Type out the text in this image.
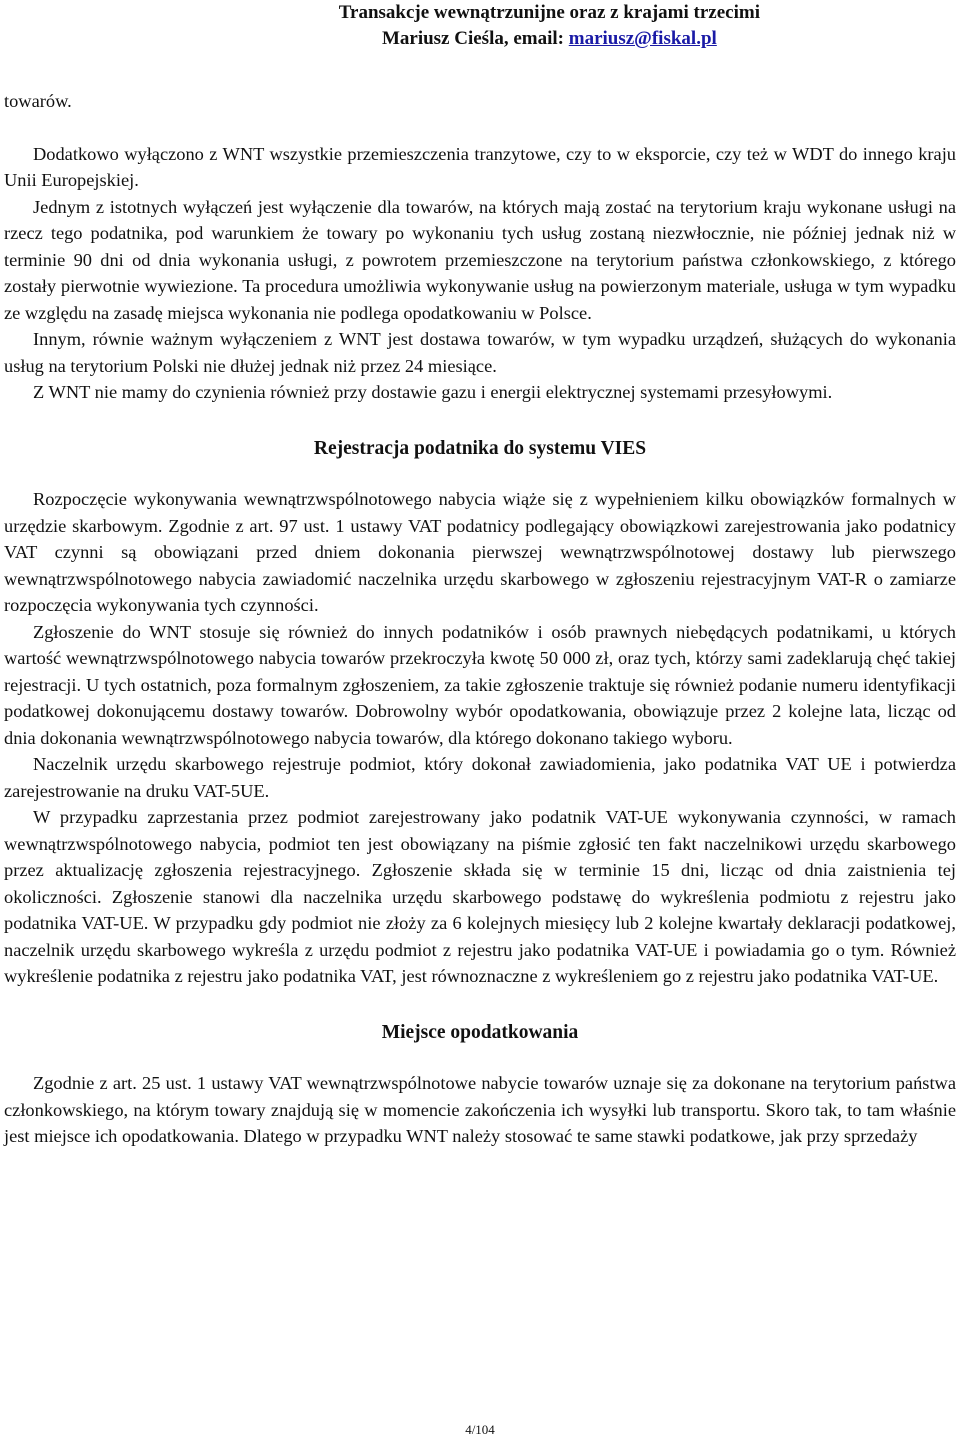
Transakcje wewnątrzunijne oraz z krajami trzecimi
Mariusz Cieśla, email: mariusz@fiskal.pl

towarów.

Dodatkowo wyłączono z WNT wszystkie przemieszczenia tranzytowe, czy to w eksporcie, czy też w WDT do innego kraju Unii Europejskiej.

Jednym z istotnych wyłączeń jest wyłączenie dla towarów, na których mają zostać na terytorium kraju wykonane usługi na rzecz tego podatnika, pod warunkiem że towary po wykonaniu tych usług zostaną niezwłocznie, nie później jednak niż w terminie 90 dni od dnia wykonania usługi, z powrotem przemieszczone na terytorium państwa członkowskiego, z którego zostały pierwotnie wywiezione. Ta procedura umożliwia wykonywanie usług na powierzonym materiale, usługa w tym wypadku ze względu na zasadę miejsca wykonania nie podlega opodatkowaniu w Polsce.

Innym, równie ważnym wyłączeniem z WNT jest dostawa towarów, w tym wypadku urządzeń, służących do wykonania usług na terytorium Polski nie dłużej jednak niż przez 24 miesiące.

Z WNT nie mamy do czynienia również przy dostawie gazu i energii elektrycznej systemami przesyłowymi.

Rejestracja podatnika do systemu VIES

Rozpoczęcie wykonywania wewnątrzwspólnotowego nabycia wiąże się z wypełnieniem kilku obowiązków formalnych w urzędzie skarbowym. Zgodnie z art. 97 ust. 1 ustawy VAT podatnicy podlegający obowiązkowi zarejestrowania jako podatnicy VAT czynni są obowiązani przed dniem dokonania pierwszej wewnątrzwspólnotowej dostawy lub pierwszego wewnątrzwspólnotowego nabycia zawiadomić naczelnika urzędu skarbowego w zgłoszeniu rejestracyjnym VAT-R o zamiarze rozpoczęcia wykonywania tych czynności.

Zgłoszenie do WNT stosuje się również do innych podatników i osób prawnych niebędących podatnikami, u których wartość wewnątrzwspólnotowego nabycia towarów przekroczyła kwotę 50 000 zł, oraz tych, którzy sami zadeklarują chęć takiej rejestracji. U tych ostatnich, poza formalnym zgłoszeniem, za takie zgłoszenie traktuje się również podanie numeru identyfikacji podatkowej dokonującemu dostawy towarów. Dobrowolny wybór opodatkowania, obowiązuje przez 2 kolejne lata, licząc od dnia dokonania wewnątrzwspólnotowego nabycia towarów, dla którego dokonano takiego wyboru.

Naczelnik urzędu skarbowego rejestruje podmiot, który dokonał zawiadomienia, jako podatnika VAT UE i potwierdza zarejestrowanie na druku VAT-5UE.

W przypadku zaprzestania przez podmiot zarejestrowany jako podatnik VAT-UE wykonywania czynności, w ramach wewnątrzwspólnotowego nabycia, podmiot ten jest obowiązany na piśmie zgłosić ten fakt naczelnikowi urzędu skarbowego przez aktualizację zgłoszenia rejestracyjnego. Zgłoszenie składa się w terminie 15 dni, licząc od dnia zaistnienia tej okoliczności. Zgłoszenie stanowi dla naczelnika urzędu skarbowego podstawę do wykreślenia podmiotu z rejestru jako podatnika VAT-UE. W przypadku gdy podmiot nie złoży za 6 kolejnych miesięcy lub 2 kolejne kwartały deklaracji podatkowej, naczelnik urzędu skarbowego wykreśla z urzędu podmiot z rejestru jako podatnika VAT-UE i powiadamia go o tym. Również wykreślenie podatnika z rejestru jako podatnika VAT, jest równoznaczne z wykreśleniem go z rejestru jako podatnika VAT-UE.

Miejsce opodatkowania

Zgodnie z art. 25 ust. 1 ustawy VAT wewnątrzwspólnotowe nabycie towarów uznaje się za dokonane na terytorium państwa członkowskiego, na którym towary znajdują się w momencie zakończenia ich wysyłki lub transportu. Skoro tak, to tam właśnie jest miejsce ich opodatkowania. Dlatego w przypadku WNT należy stosować te same stawki podatkowe, jak przy sprzedaży

4/104
